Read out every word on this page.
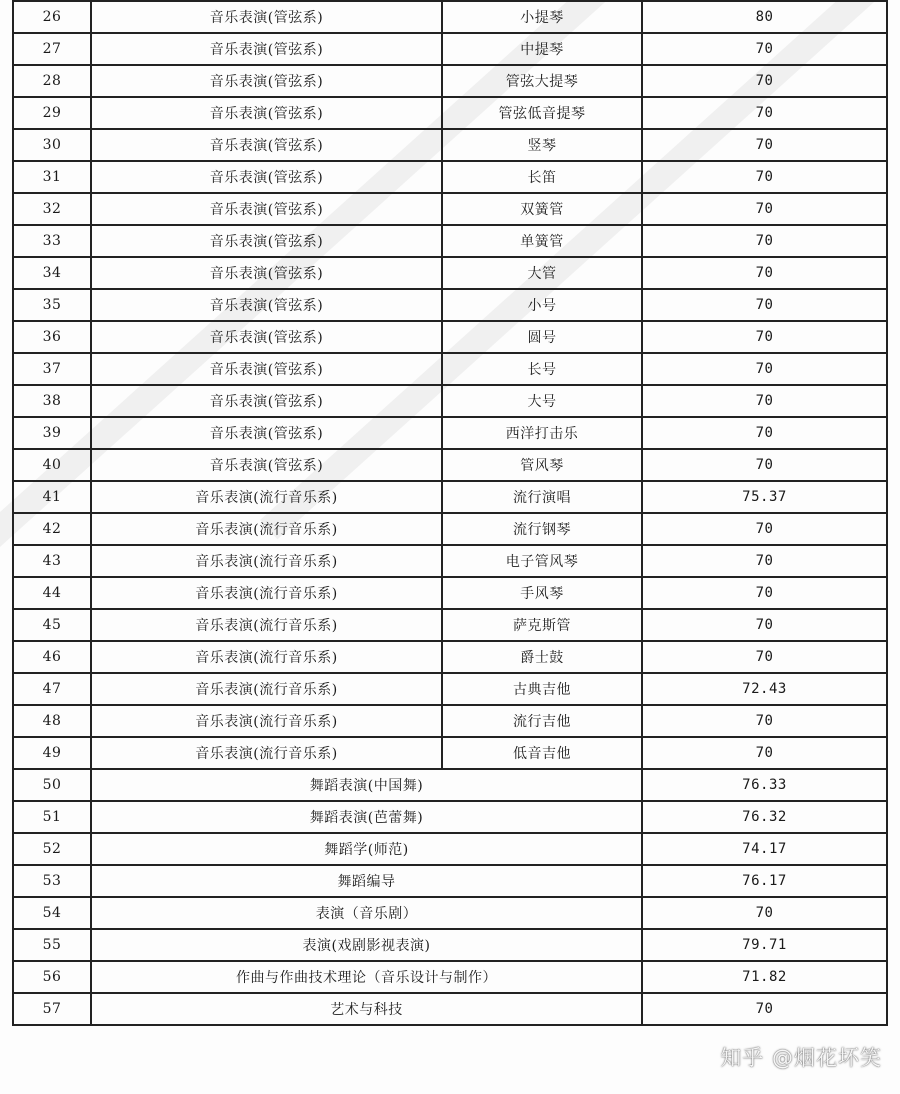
26	音乐表演(管弦系)	小提琴	80
27	音乐表演(管弦系)	中提琴	70
28	音乐表演(管弦系)	管弦大提琴	70
29	音乐表演(管弦系)	管弦低音提琴	70
30	音乐表演(管弦系)	竖琴	70
31	音乐表演(管弦系)	长笛	70
32	音乐表演(管弦系)	双簧管	70
33	音乐表演(管弦系)	单簧管	70
34	音乐表演(管弦系)	大管	70
35	音乐表演(管弦系)	小号	70
36	音乐表演(管弦系)	圆号	70
37	音乐表演(管弦系)	长号	70
38	音乐表演(管弦系)	大号	70
39	音乐表演(管弦系)	西洋打击乐	70
40	音乐表演(管弦系)	管风琴	70
41	音乐表演(流行音乐系)	流行演唱	75.37
42	音乐表演(流行音乐系)	流行钢琴	70
43	音乐表演(流行音乐系)	电子管风琴	70
44	音乐表演(流行音乐系)	手风琴	70
45	音乐表演(流行音乐系)	萨克斯管	70
46	音乐表演(流行音乐系)	爵士鼓	70
47	音乐表演(流行音乐系)	古典吉他	72.43
48	音乐表演(流行音乐系)	流行吉他	70
49	音乐表演(流行音乐系)	低音吉他	70
50	舞蹈表演(中国舞)		76.33
51	舞蹈表演(芭蕾舞)		76.32
52	舞蹈学(师范)		74.17
53	舞蹈编导		76.17
54	表演（音乐剧）		70
55	表演(戏剧影视表演)		79.71
56	作曲与作曲技术理论（音乐设计与制作）		71.82
57	艺术与科技		70
知乎 @烟花坏笑
